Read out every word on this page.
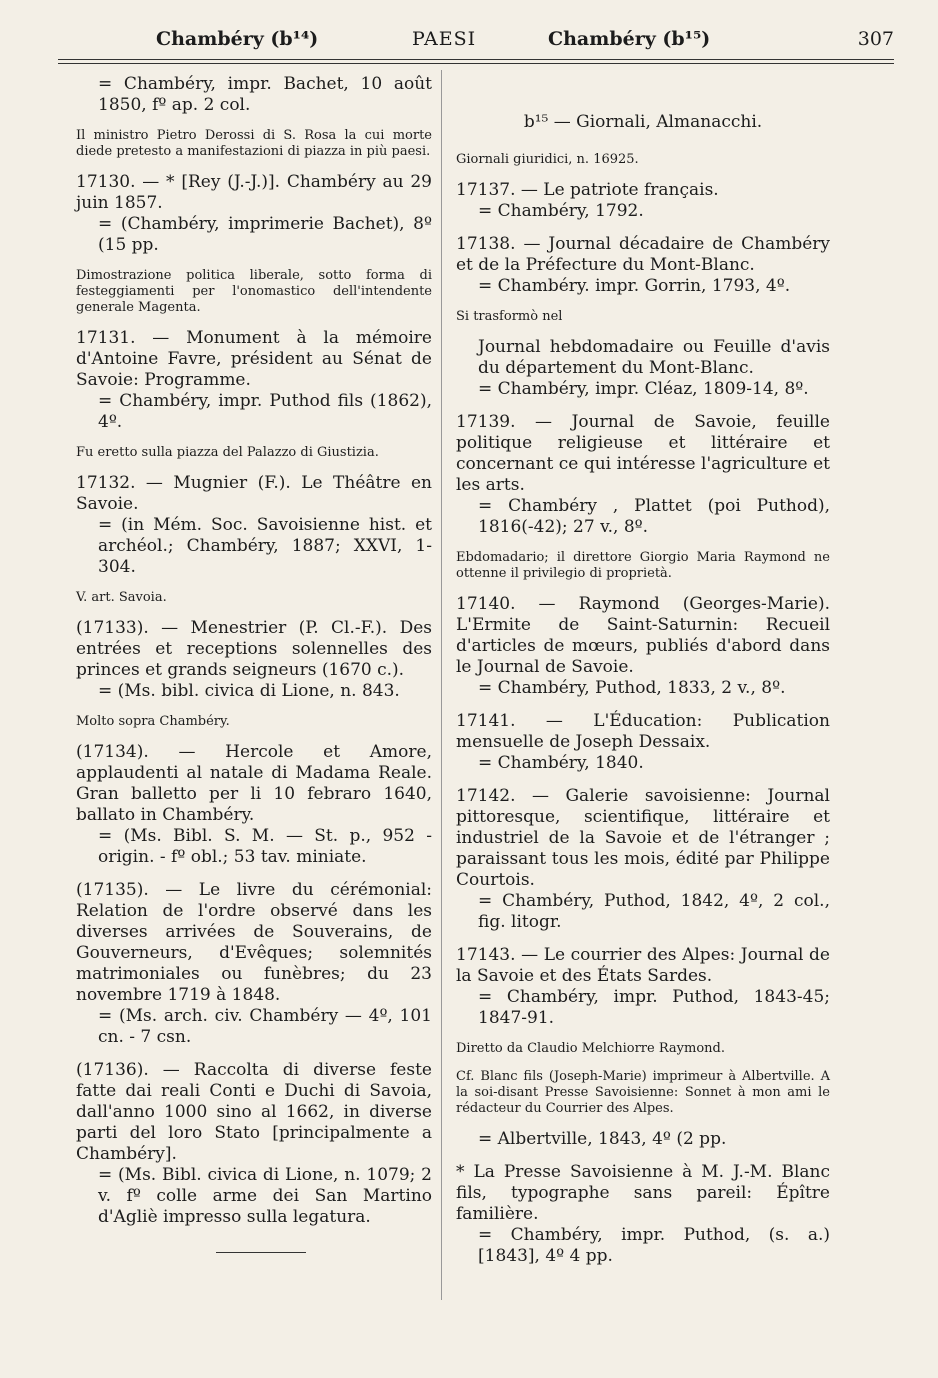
Chambéry (b¹⁴)	PAESI	Chambéry (b¹⁵)	307
= Chambéry, impr. Bachet, 10 août 1850, fº ap. 2 col.

Il ministro Pietro Derossi di S. Rosa la cui morte diede pretesto a manifestazioni di piazza in più paesi.

17130. — * [Rey (J.-J.)]. Chambéry au 29 juin 1857.
= (Chambéry, imprimerie Bachet), 8º (15 pp.

Dimostrazione politica liberale, sotto forma di festeggiamenti per l'onomastico dell'intendente generale Magenta.

17131. — Monument à la mémoire d'Antoine Favre, président au Sénat de Savoie: Programme.
= Chambéry, impr. Puthod fils (1862), 4º.

Fu eretto sulla piazza del Palazzo di Giustizia.

17132. — Mugnier (F.). Le Théâtre en Savoie.
= (in Mém. Soc. Savoisienne hist. et archéol.; Chambéry, 1887; XXVI, 1-304.

V. art. Savoia.

(17133). — Menestrier (P. Cl.-F.). Des entrées et receptions solennelles des princes et grands seigneurs (1670 c.).
= (Ms. bibl. civica di Lione, n. 843.

Molto sopra Chambéry.

(17134). — Hercole et Amore, applaudenti al natale di Madama Reale. Gran balletto per li 10 febraro 1640, ballato in Chambéry.
= (Ms. Bibl. S. M. — St. p., 952 - origin. - fº obl.; 53 tav. miniate.
(17135). — Le livre du cérémonial: Relation de l'ordre observé dans les diverses arrivées de Souverains, de Gouverneurs, d'Evêques; solemnités matrimoniales ou funèbres; du 23 novembre 1719 à 1848.
= (Ms. arch. civ. Chambéry — 4º, 101 cn. - 7 csn.
(17136). — Raccolta di diverse feste fatte dai reali Conti e Duchi di Savoia, dall'anno 1000 sino al 1662, in diverse parti del loro Stato [principalmente a Chambéry].
= (Ms. Bibl. civica di Lione, n. 1079; 2 v. fº colle arme dei San Martino d'Agliè impresso sulla legatura.
b¹⁵ — Giornali, Almanacchi.

Giornali giuridici, n. 16925.

17137. — Le patriote français.
= Chambéry, 1792.
17138. — Journal décadaire de Chambéry et de la Préfecture du Mont-Blanc.
= Chambéry. impr. Gorrin, 1793, 4º.

Si trasformò nel

Journal hebdomadaire ou Feuille d'avis du département du Mont-Blanc.
= Chambéry, impr. Cléaz, 1809-14, 8º.
17139. — Journal de Savoie, feuille politique religieuse et littéraire et concernant ce qui intéresse l'agriculture et les arts.
= Chambéry , Plattet (poi Puthod), 1816(-42); 27 v., 8º.

Ebdomadario; il direttore Giorgio Maria Raymond ne ottenne il privilegio di proprietà.

17140. — Raymond (Georges-Marie). L'Ermite de Saint-Saturnin: Recueil d'articles de mœurs, publiés d'abord dans le Journal de Savoie.
= Chambéry, Puthod, 1833, 2 v., 8º.
17141. — L'Éducation: Publication mensuelle de Joseph Dessaix.
= Chambéry, 1840.
17142. — Galerie savoisienne: Journal pittoresque, scientifique, littéraire et industriel de la Savoie et de l'étranger ; paraissant tous les mois, édité par Philippe Courtois.
= Chambéry, Puthod, 1842, 4º, 2 col., fig. litogr.
17143. — Le courrier des Alpes: Journal de la Savoie et des États Sardes.
= Chambéry, impr. Puthod, 1843-45; 1847-91.

Diretto da Claudio Melchiorre Raymond.

Cf. Blanc fils (Joseph-Marie) imprimeur à Albertville. A la soi-disant Presse Savoisienne: Sonnet à mon ami le rédacteur du Courrier des Alpes.

= Albertville, 1843, 4º (2 pp.
* La Presse Savoisienne à M. J.-M. Blanc fils, typographe sans pareil: Épître familière.
= Chambéry, impr. Puthod, (s. a.) [1843], 4º 4 pp.
